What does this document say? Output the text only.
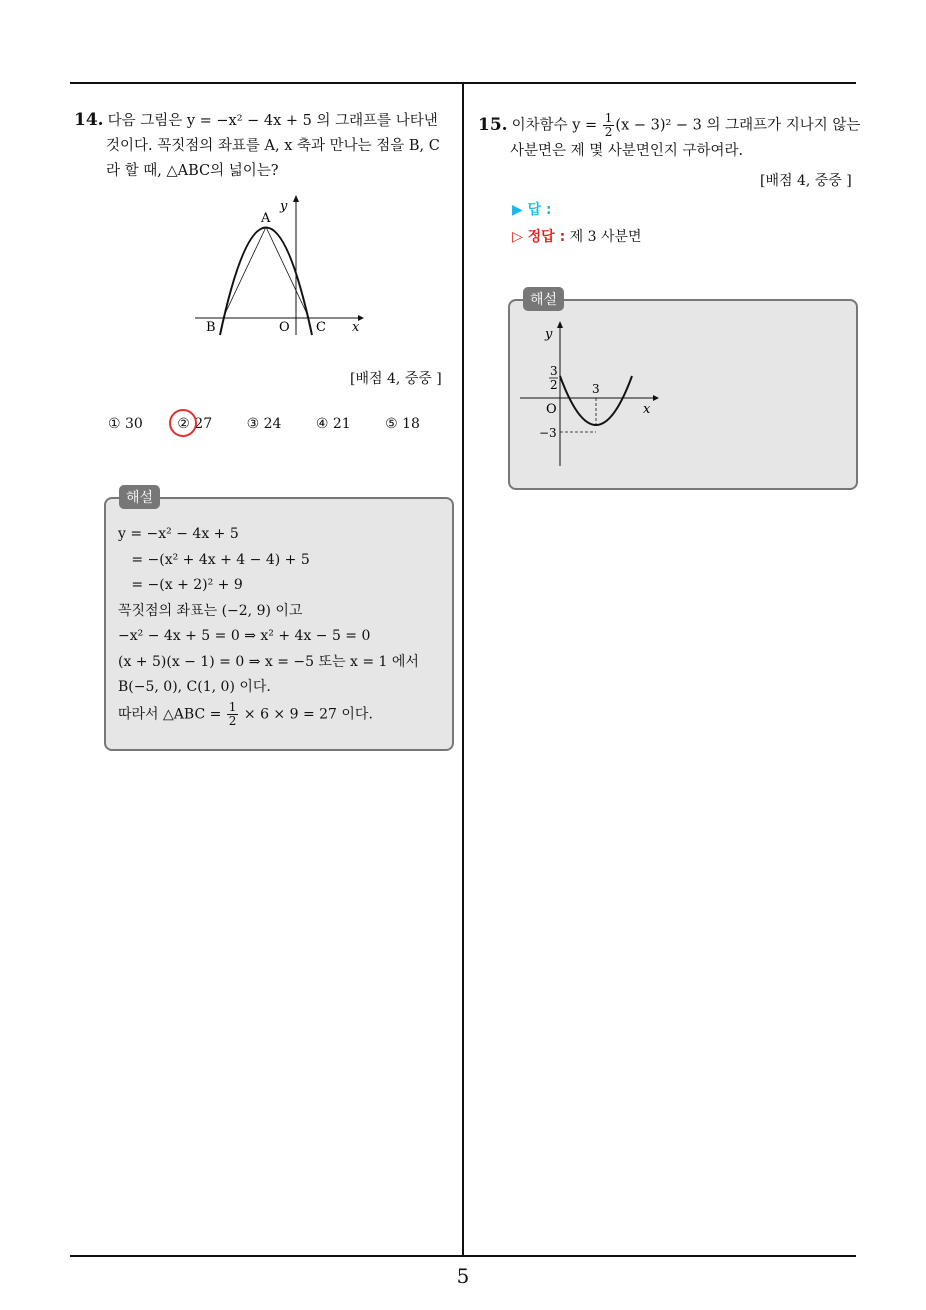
5
14. 다음 그림은 y = −x² − 4x + 5 의 그래프를 나타낸
것이다. 꼭짓점의 좌표를 A, x 축과 만나는 점을 B, C
라 할 때, △ABC의 넓이는?
A
B	O C x
y
[배점 4, 중중 ]
① 30 ② 27 ③ 24 ④ 21 ⑤ 18
해설
y = −x² − 4x + 5
= −(x² + 4x + 4 − 4) + 5
= −(x + 2)² + 9
꼭짓점의 좌표는 (−2, 9) 이고
−x² − 4x + 5 = 0 ⇒ x² + 4x − 5 = 0
(x + 5)(x − 1) = 0 ⇒ x = −5 또는 x = 1 에서
B(−5, 0), C(1, 0) 이다.
따라서 △ABC = $\frac{1}{2} \times 6 \times 9 = 27$ 이다.
15. 이차함수 $y = \frac{1}{2} (x - 3)^2 - 3$ 의 그래프가 지나지 않는
사분면은 제 몇 사분면인지 구하여라.
[배점 4, 중중 ]
▶ 답 :
▷ 정답 : 제 3 사분면
해설
y
3
2	3
O	x
−3
